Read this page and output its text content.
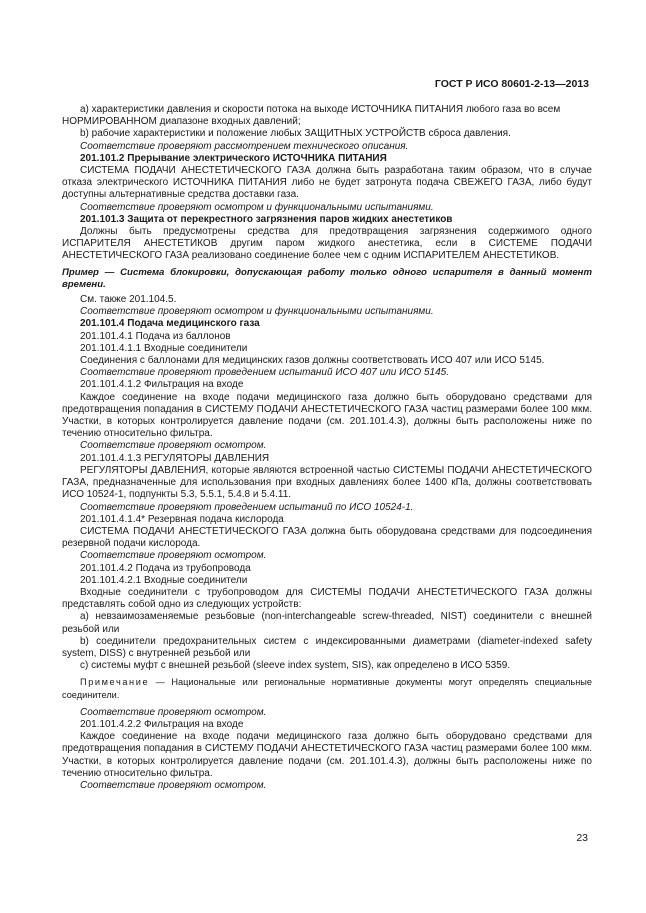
ГОСТ Р ИСО 80601-2-13—2013

a) характеристики давления и скорости потока на выходе ИСТОЧНИКА ПИТАНИЯ любого газа во всем НОРМИРОВАННОМ диапазоне входных давлений;

b) рабочие характеристики и положение любых ЗАЩИТНЫХ УСТРОЙСТВ сброса давления.

Соответствие проверяют рассмотрением технического описания.

201.101.2 Прерывание электрического ИСТОЧНИКА ПИТАНИЯ

СИСТЕМА ПОДАЧИ АНЕСТЕТИЧЕСКОГО ГАЗА должна быть разработана таким образом, что в случае отказа электрического ИСТОЧНИКА ПИТАНИЯ либо не будет затронута подача СВЕЖЕГО ГАЗА, либо будут доступны альтернативные средства доставки газа.

Соответствие проверяют осмотром и функциональными испытаниями.

201.101.3 Защита от перекрестного загрязнения паров жидких анестетиков

Должны быть предусмотрены средства для предотвращения загрязнения содержимого одного ИСПАРИТЕЛЯ АНЕСТЕТИКОВ другим паром жидкого анестетика, если в СИСТЕМЕ ПОДАЧИ АНЕСТЕТИЧЕСКОГО ГАЗА реализовано соединение более чем с одним ИСПАРИТЕЛЕМ АНЕСТЕТИКОВ.

Пример — Система блокировки, допускающая работу только одного испарителя в данный момент времени.

См. также 201.104.5.

Соответствие проверяют осмотром и функциональными испытаниями.

201.101.4 Подача медицинского газа

201.101.4.1 Подача из баллонов

201.101.4.1.1 Входные соединители

Соединения с баллонами для медицинских газов должны соответствовать ИСО 407 или ИСО 5145.

Соответствие проверяют проведением испытаний ИСО 407 или ИСО 5145.

201.101.4.1.2 Фильтрация на входе

Каждое соединение на входе подачи медицинского газа должно быть оборудовано средствами для предотвращения попадания в СИСТЕМУ ПОДАЧИ АНЕСТЕТИЧЕСКОГО ГАЗА частиц размерами более 100 мкм. Участки, в которых контролируется давление подачи (см. 201.101.4.3), должны быть расположены ниже по течению относительно фильтра.

Соответствие проверяют осмотром.

201.101.4.1.3 РЕГУЛЯТОРЫ ДАВЛЕНИЯ

РЕГУЛЯТОРЫ ДАВЛЕНИЯ, которые являются встроенной частью СИСТЕМЫ ПОДАЧИ АНЕСТЕТИЧЕСКОГО ГАЗА, предназначенные для использования при входных давлениях более 1400 кПа, должны соответствовать ИСО 10524-1, подпункты 5.3, 5.5.1, 5.4.8 и 5.4.11.

Соответствие проверяют проведением испытаний по ИСО 10524-1.

201.101.4.1.4* Резервная подача кислорода

СИСТЕМА ПОДАЧИ АНЕСТЕТИЧЕСКОГО ГАЗА должна быть оборудована средствами для подсоединения резервной подачи кислорода.

Соответствие проверяют осмотром.

201.101.4.2 Подача из трубопровода

201.101.4.2.1 Входные соединители

Входные соединители с трубопроводом для СИСТЕМЫ ПОДАЧИ АНЕСТЕТИЧЕСКОГО ГАЗА должны представлять собой одно из следующих устройств:

a) невзаимозаменяемые резьбовые (non-interchangeable screw-threaded, NIST) соединители с внешней резьбой или

b) соединители предохранительных систем с индексированными диаметрами (diameter-indexed safety system, DISS) с внутренней резьбой или

c) системы муфт с внешней резьбой (sleeve index system, SIS), как определено в ИСО 5359.

Примечание — Национальные или региональные нормативные документы могут определять специальные соединители.

Соответствие проверяют осмотром.

201.101.4.2.2 Фильтрация на входе

Каждое соединение на входе подачи медицинского газа должно быть оборудовано средствами для предотвращения попадания в СИСТЕМУ ПОДАЧИ АНЕСТЕТИЧЕСКОГО ГАЗА частиц размерами более 100 мкм. Участки, в которых контролируется давление подачи (см. 201.101.4.3), должны быть расположены ниже по течению относительно фильтра.

Соответствие проверяют осмотром.

23
